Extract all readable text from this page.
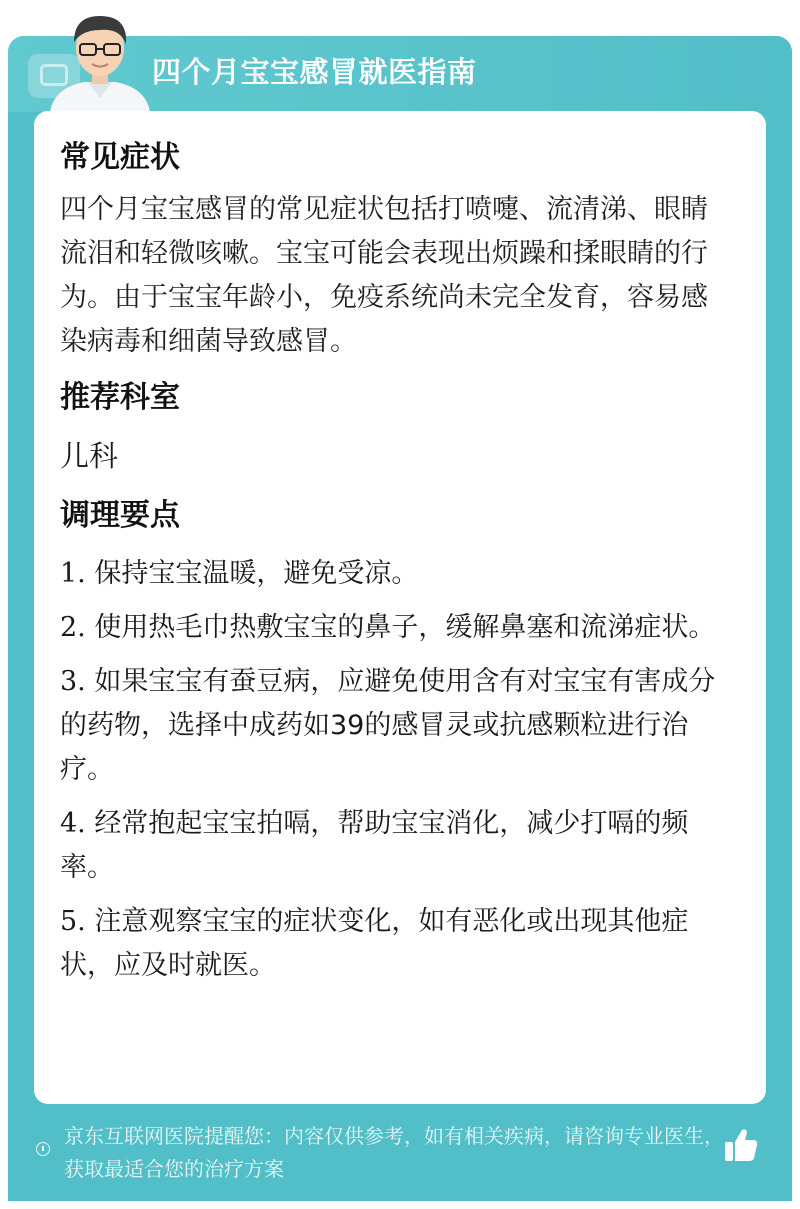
四个月宝宝感冒就医指南
常见症状
四个月宝宝感冒的常见症状包括打喷嚏、流清涕、眼睛流泪和轻微咳嗽。宝宝可能会表现出烦躁和揉眼睛的行为。由于宝宝年龄小，免疫系统尚未完全发育，容易感染病毒和细菌导致感冒。
推荐科室
儿科
调理要点
1. 保持宝宝温暖，避免受凉。
2. 使用热毛巾热敷宝宝的鼻子，缓解鼻塞和流涕症状。
3. 如果宝宝有蚕豆病，应避免使用含有对宝宝有害成分的药物，选择中成药如39的感冒灵或抗感颗粒进行治疗。
4. 经常抱起宝宝拍嗝，帮助宝宝消化，减少打嗝的频率。
5. 注意观察宝宝的症状变化，如有恶化或出现其他症状，应及时就医。
京东互联网医院提醒您：内容仅供参考，如有相关疾病，请咨询专业医生，获取最适合您的治疗方案
